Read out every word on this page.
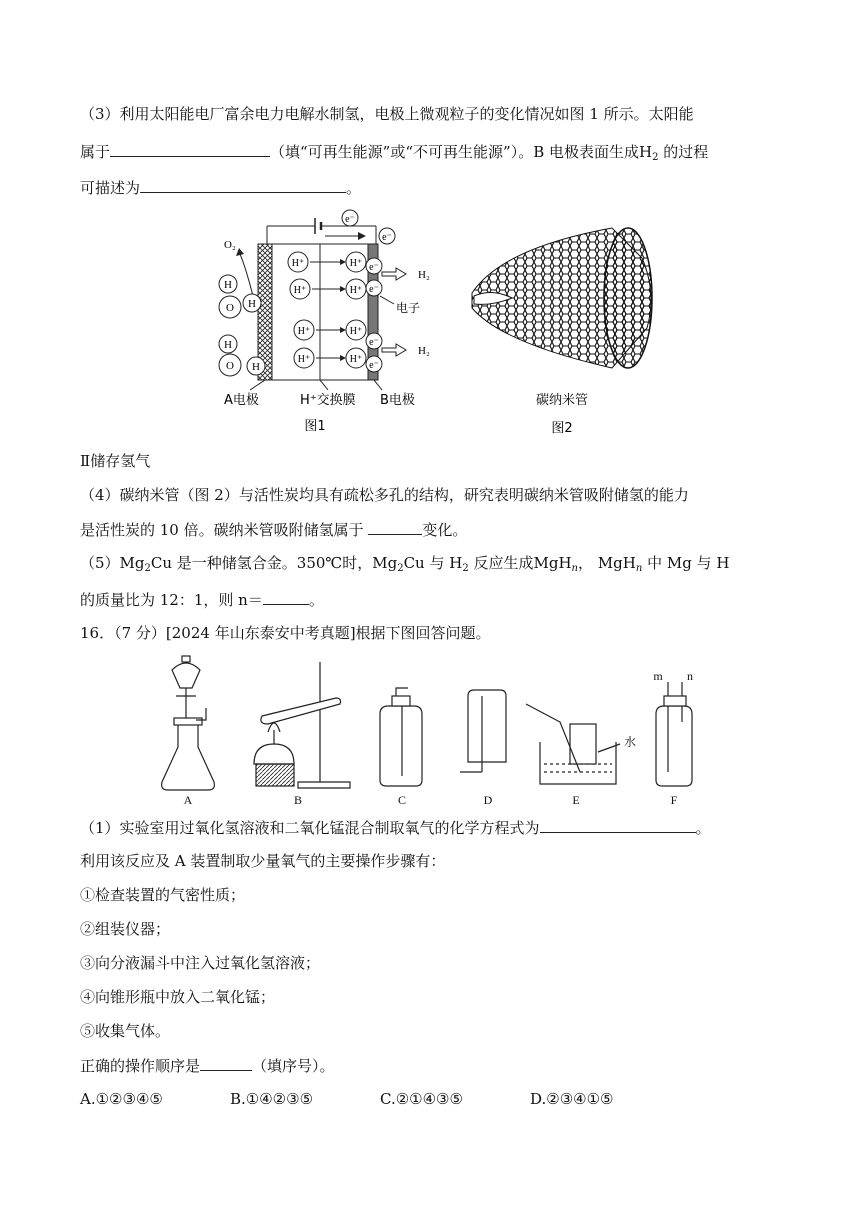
（3）利用太阳能电厂富余电力电解水制氢，电极上微观粒子的变化情况如图 1 所示。太阳能
属于	（填“可再生能源”或“不可再生能源”）。B 电极表面生成$H_2$ 的过程
可描述为	。
e⁻
e⁻
O₂
H
O H
H
O H
H⁺
H⁺
H⁺
H⁺
H⁺
H⁺
H⁺
H⁺
e⁻
e⁻
e⁻
e⁻
H₂
H₂
电子
A电极	H⁺交换膜 B电极
图1
碳纳米管
图2
Ⅱ储存氢气
（4）碳纳米管（图 2）与活性炭均具有疏松多孔的结构，研究表明碳纳米管吸附储氢的能力
是活性炭的 10 倍。碳纳米管吸附储氢属于	变化。
$(5)Mg_2Cu$ 是一种储氢合金。350℃时，$Mg_2Cu$ 与 $H_2$ 反应生成MgH$_n$， MgH$_n$ 中 Mg 与 H
的质量比为 12：1，则 n＝	。
16．（7 分）[2024 年山东泰安中考真题]根据下图回答问题。
A	B	C	D	E	F
水
m n
（1）实验室用过氧化氢溶液和二氧化锰混合制取氧气的化学方程式为	。
利用该反应及 A 装置制取少量氧气的主要操作步骤有：
①检查装置的气密性质；
②组装仪器；
③向分液漏斗中注入过氧化氢溶液；
④向锥形瓶中放入二氧化锰；
⑤收集气体。
正确的操作顺序是	（填序号）。
A.①②③④⑤	B.①④②③⑤	C.②①④③⑤	D.②③④①⑤
